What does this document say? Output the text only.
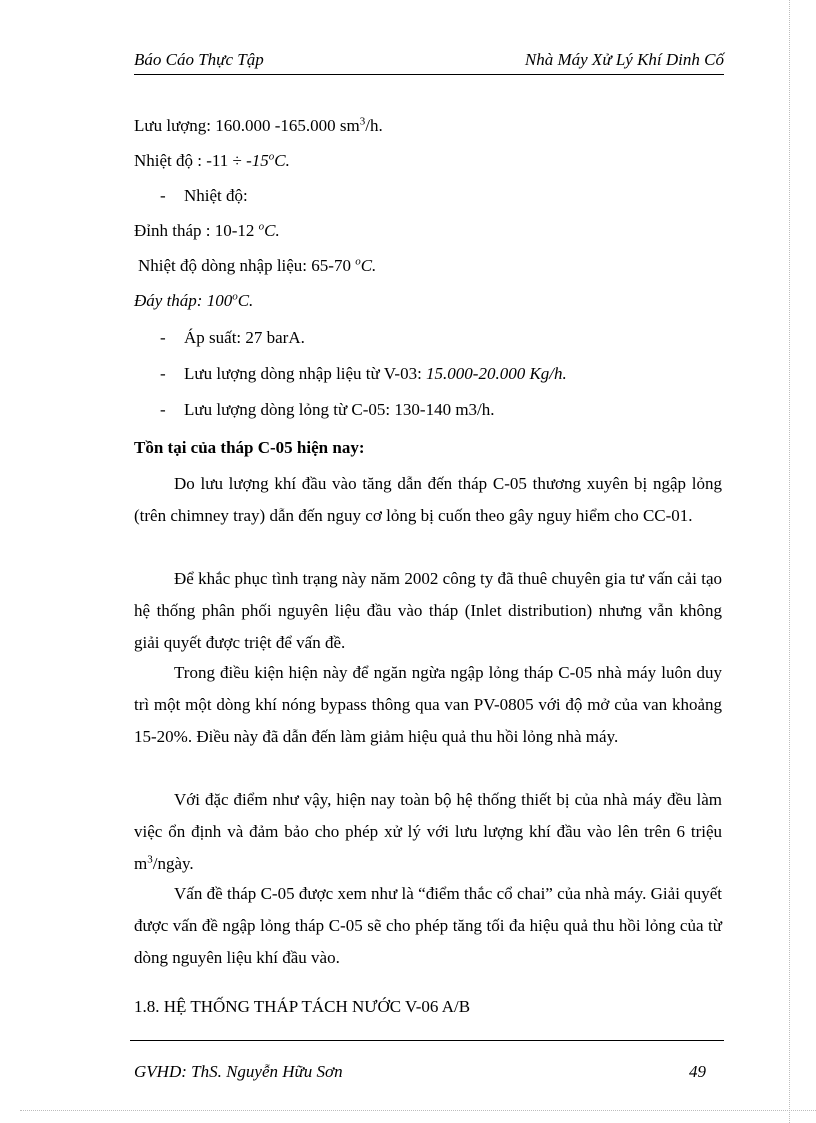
Báo Cáo Thực Tập	Nhà Máy Xử Lý Khí Dinh Cố
Lưu lượng: 160.000 -165.000 $sm^3/h$.
Nhiệt độ : $-11 \div -15^oC$.
- Nhiệt độ:
Đỉnh tháp : 10-12 $^o$C.
Nhiệt độ dòng nhập liệu: 65-70 $^o$C.
Đáy tháp: 100$^o$C.
- Áp suất: 27 barA.
- Lưu lượng dòng nhập liệu từ V-03: 15.000-20.000 Kg/h.
- Lưu lượng dòng lỏng từ C-05: 130-140 m3/h.
Tồn tại của tháp C-05 hiện nay:
Do lưu lượng khí đầu vào tăng dẫn đến tháp C-05 thương xuyên bị ngập lỏng (trên chimney tray) dẫn đến nguy cơ lỏng bị cuốn theo gây nguy hiểm cho CC-01.
Để khắc phục tình trạng này năm 2002 công ty đã thuê chuyên gia tư vấn cải tạo hệ thống phân phối nguyên liệu đầu vào tháp (Inlet distribution) nhưng vẫn không giải quyết được triệt để vấn đề.
Trong điều kiện hiện này để ngăn ngừa ngập lỏng tháp C-05 nhà máy luôn duy trì một một dòng khí nóng bypass thông qua van PV-0805 với độ mở của van khoảng 15-20%. Điều này đã dẫn đến làm giảm hiệu quả thu hồi lỏng nhà máy.
Với đặc điểm như vậy, hiện nay toàn bộ hệ thống thiết bị của nhà máy đều làm việc ổn định và đảm bảo cho phép xử lý với lưu lượng khí đầu vào lên trên 6 triệu $m^3$/ngày.
Vấn đề tháp C-05 được xem như là “điểm thắc cổ chai” của nhà máy. Giải quyết được vấn đề ngập lỏng tháp C-05 sẽ cho phép tăng tối đa hiệu quả thu hồi lỏng của từ dòng nguyên liệu khí đầu vào.
1.8. HỆ THỐNG THÁP TÁCH NƯỚC V-06 A/B
GVHD: ThS. Nguyễn Hữu Sơn	49
